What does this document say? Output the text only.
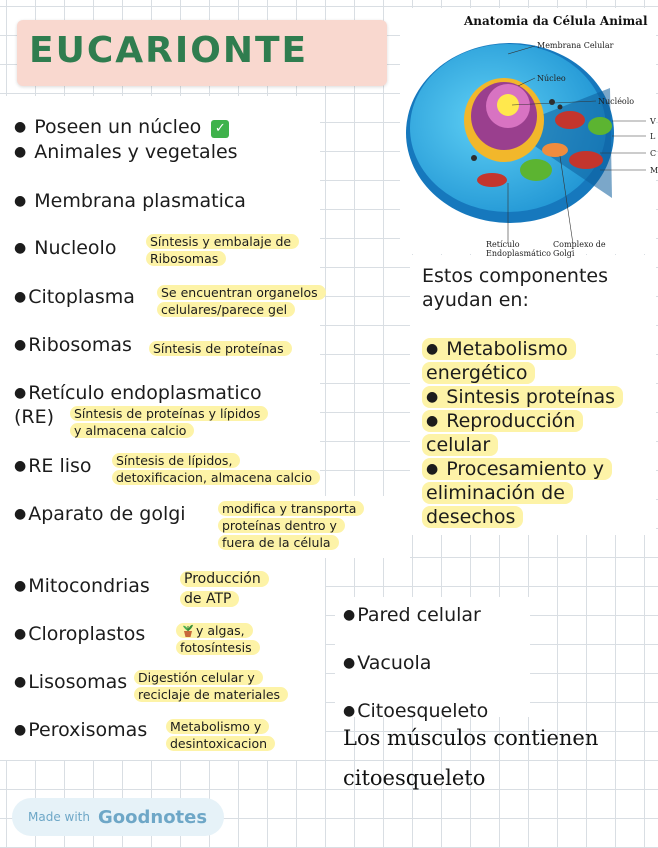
EUCARIONTE
● Poseen un núcleo ✓
● Animales y vegetales
● Membrana plasmatica
● Nucleolo	Síntesis y embalaje de
Ribosomas
● Citoplasma	Se encuentran organelos
celulares/parece gel
● Ribosomas	Síntesis de proteínas
● Retículo endoplasmatico
(RE)	Síntesis de proteínas y lípidos
y almacena calcio
● RE liso	Síntesis de lípidos,
detoxificacion, almacena calcio
● Aparato de golgi	modifica y transporta
proteínas dentro y
fuera de la célula
● Mitocondrias Producción
de ATP
● Cloroplastos	y algas,
fotosíntesis
● Lisosomas Digestión celular y
reciclaje de materiales
● Peroxisomas	Metabolismo y
desintoxicacion
Anatomia da Célula Animal
Membrana Celular
Núcleo
Nucléolo
Retículo	Complexo de
V
L
C
M
Estos componentes
ayudan en:
● Metabolismo
energético
● Sintesis proteínas
● Reproducción
celular
● Procesamiento y
eliminación de
desechos
● Pared celular
● Vacuola
● Citoesqueleto
Los músculos contienen
citoesqueleto
Made with Goodnotes
